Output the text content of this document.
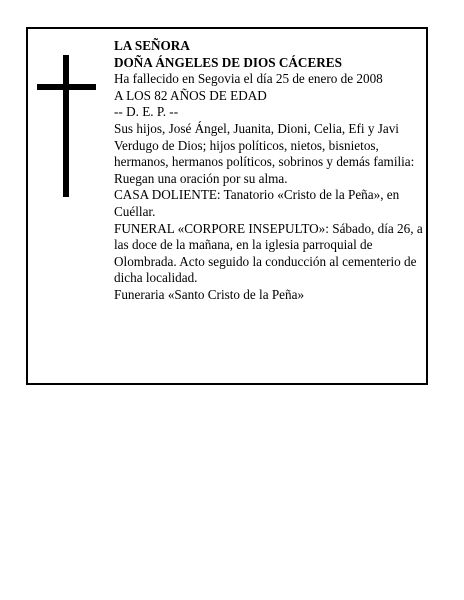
LA SEÑORA
DOÑA ÁNGELES DE DIOS CÁCERES
Ha fallecido en Segovia el día 25 de enero de 2008
A LOS 82 AÑOS DE EDAD
-- D. E. P. --
Sus hijos, José Ángel, Juanita, Dioni, Celia, Efi y Javi Verdugo de Dios; hijos políticos, nietos, bisnietos, hermanos, hermanos políticos, sobrinos y demás familia:
Ruegan una oración por su alma.
CASA DOLIENTE: Tanatorio «Cristo de la Peña», en Cuéllar.
FUNERAL «CORPORE INSEPULTO»: Sábado, día 26, a las doce de la mañana, en la iglesia parroquial de Olombrada. Acto seguido la conducción al cementerio de dicha localidad.
Funeraria «Santo Cristo de la Peña»
